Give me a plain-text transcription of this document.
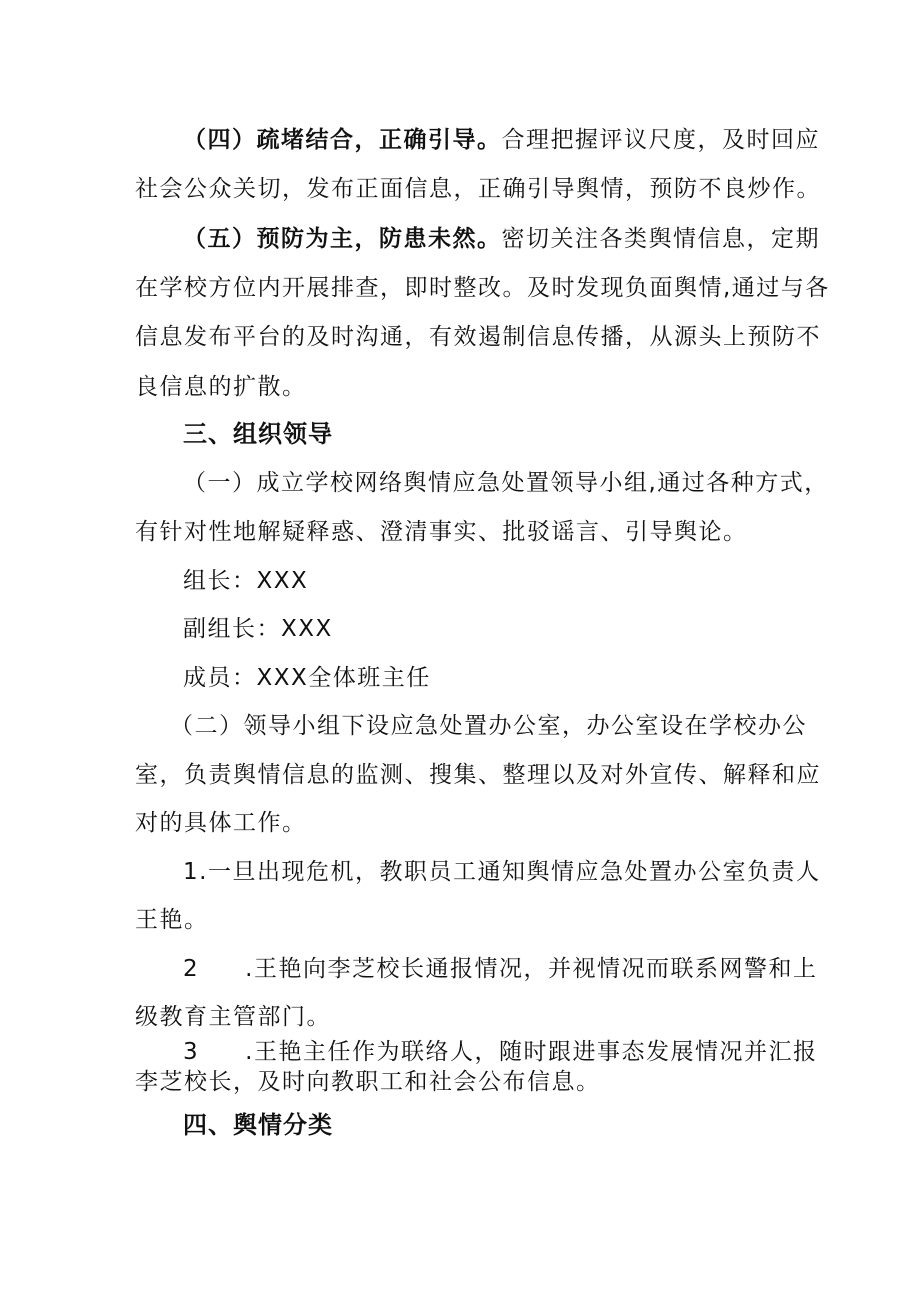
（四）疏堵结合，正确引导。合理把握评议尺度，及时回应
社会公众关切，发布正面信息，正确引导舆情，预防不良炒作。
（五）预防为主，防患未然。密切关注各类舆情信息，定期
在学校方位内开展排查，即时整改。及时发现负面舆情,通过与各
信息发布平台的及时沟通，有效遏制信息传播，从源头上预防不
良信息的扩散。
三、组织领导
（一）成立学校网络舆情应急处置领导小组,通过各种方式，
有针对性地解疑释惑、澄清事实、批驳谣言、引导舆论。
组长：XXX
副组长：XXX
成员：XXX全体班主任
（二）领导小组下设应急处置办公室，办公室设在学校办公
室，负责舆情信息的监测、搜集、整理以及对外宣传、解释和应
对的具体工作。
1.一旦出现危机，教职员工通知舆情应急处置办公室负责人
王艳。
2 .王艳向李芝校长通报情况，并视情况而联系网警和上
级教育主管部门。
3 .王艳主任作为联络人，随时跟进事态发展情况并汇报
李芝校长，及时向教职工和社会公布信息。
四、舆情分类
